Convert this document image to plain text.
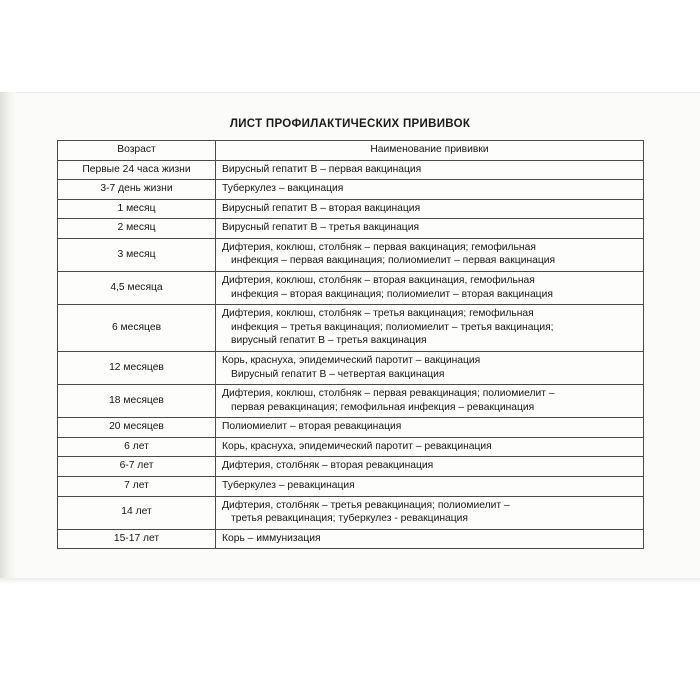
ЛИСТ ПРОФИЛАКТИЧЕСКИХ ПРИВИВОК
Возраст	Наименование прививки
Первые 24 часа жизни	Вирусный гепатит В – первая вакцинация

3-7 день жизни	Туберкулез – вакцинация

1 месяц	Вирусный гепатит В – вторая вакцинация

2 месяц	Вирусный гепатит В – третья вакцинация

3 месяц	Дифтерия, коклюш, столбняк – первая вакцинация; гемофильная
инфекция – первая вакцинация; полиомиелит – первая вакцинация

4,5 месяца	Дифтерия, коклюш, столбняк – вторая вакцинация, гемофильная
инфекция – вторая вакцинация; полиомиелит – вторая вакцинация

6 месяцев	Дифтерия, коклюш, столбняк – третья вакцинация; гемофильная
инфекция – третья вакцинация; полиомиелит – третья вакцинация;
вирусный гепатит В – третья вакцинация

12 месяцев	Корь, краснуха, эпидемический паротит – вакцинация
Вирусный гепатит В – четвертая вакцинация

18 месяцев	Дифтерия, коклюш, столбняк – первая ревакцинация; полиомиелит –
первая ревакцинация; гемофильная инфекция – ревакцинация

20 месяцев	Полиомиелит – вторая ревакцинация

6 лет	Корь, краснуха, эпидемический паротит – ревакцинация

6-7 лет	Дифтерия, столбняк – вторая ревакцинация

7 лет	Туберкулез – ревакцинация

14 лет	Дифтерия, столбняк – третья ревакцинация; полиомиелит –
третья ревакцинация; туберкулез - ревакцинация

15-17 лет	Корь – иммунизация
